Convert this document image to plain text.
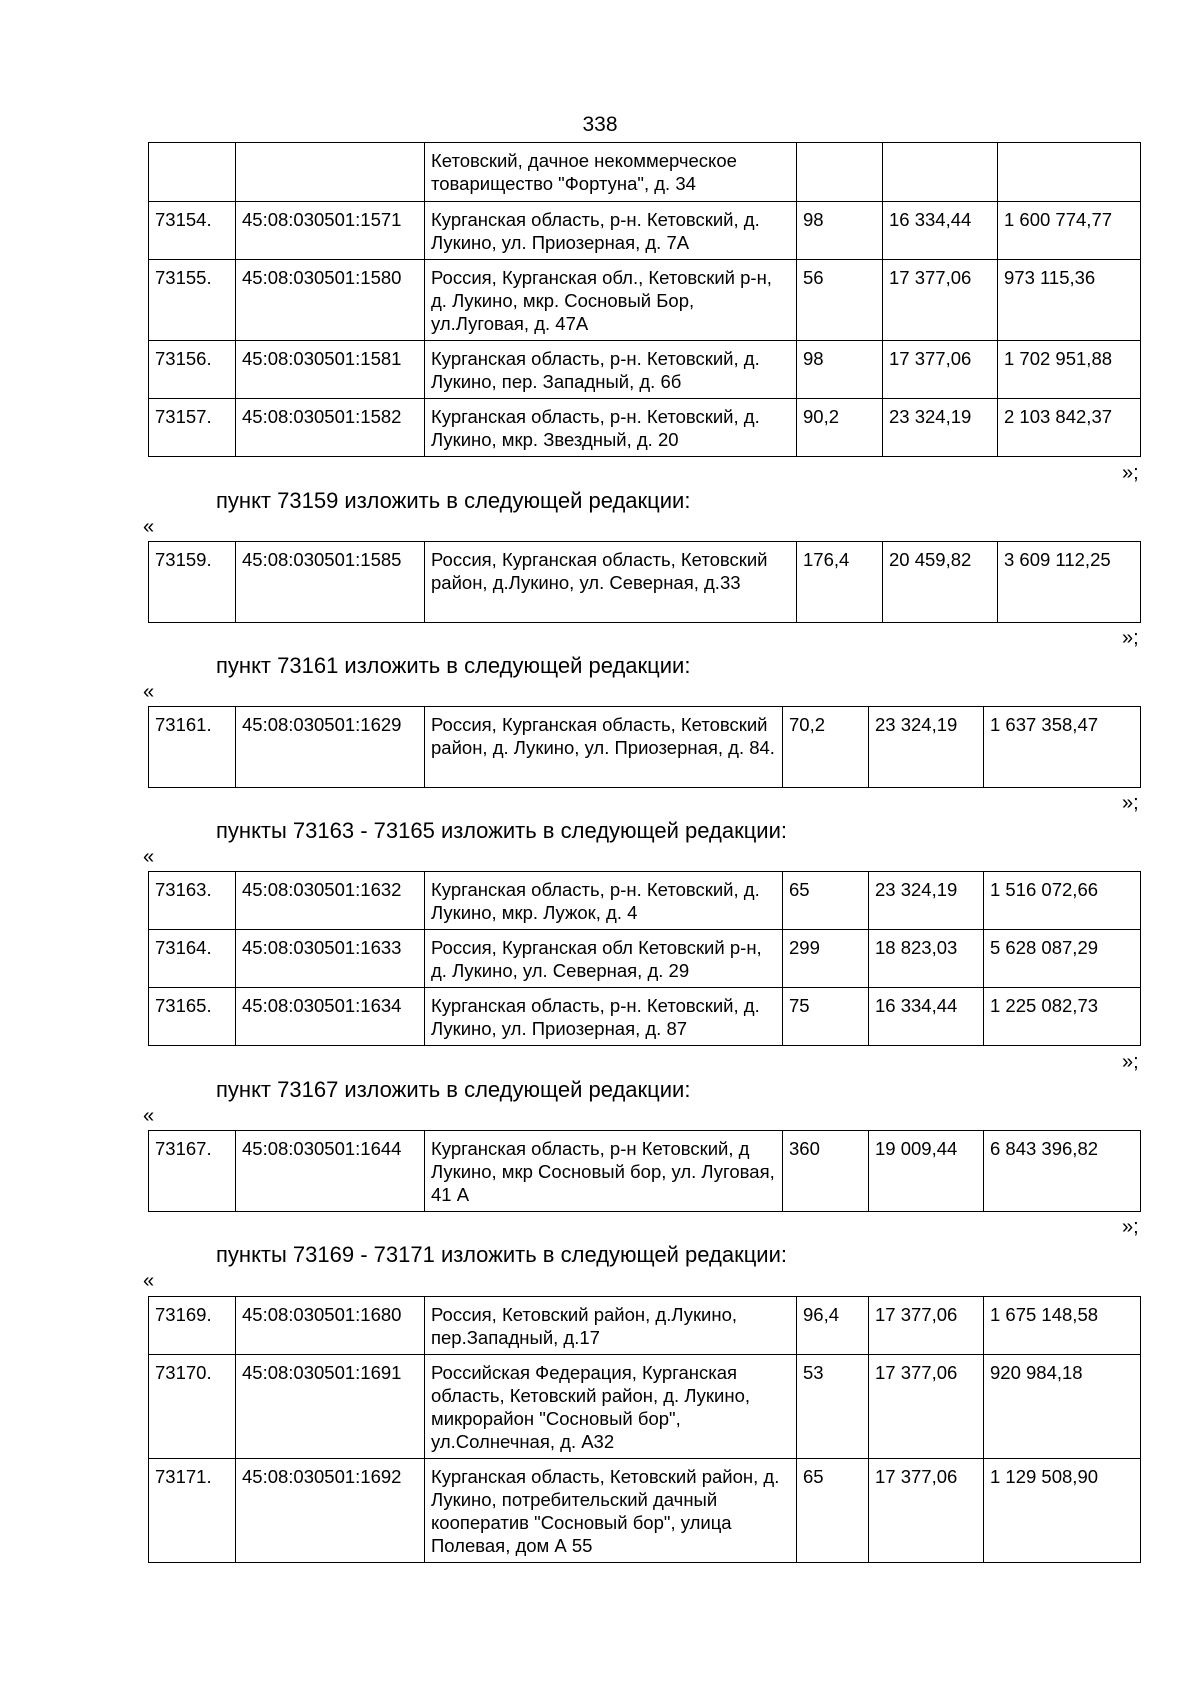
338
		Кетовский, дачное некоммерческое товарищество "Фортуна", д. 34			
73154.	45:08:030501:1571	Курганская область, р-н. Кетовский, д. Лукино, ул. Приозерная, д. 7А	98	16 334,44	1 600 774,77
73155.	45:08:030501:1580	Россия, Курганская обл., Кетовский р-н, д. Лукино, мкр. Сосновый Бор, ул.Луговая, д. 47А	56	17 377,06	973 115,36
73156.	45:08:030501:1581	Курганская область, р-н. Кетовский, д. Лукино, пер. Западный, д. 6б	98	17 377,06	1 702 951,88
73157.	45:08:030501:1582	Курганская область, р-н. Кетовский, д. Лукино, мкр. Звездный, д. 20	90,2	23 324,19	2 103 842,37
»;
пункт 73159 изложить в следующей редакции:
«
73159.	45:08:030501:1585	Россия, Курганская область, Кетовский район, д.Лукино, ул. Северная, д.33	176,4	20 459,82	3 609 112,25
»;
пункт 73161 изложить в следующей редакции:
«
73161.	45:08:030501:1629	Россия, Курганская область, Кетовский район, д. Лукино, ул. Приозерная, д. 84.	70,2	23 324,19	1 637 358,47
»;
пункты 73163 - 73165 изложить в следующей редакции:
«
73163.	45:08:030501:1632	Курганская область, р-н. Кетовский, д. Лукино, мкр. Лужок, д. 4	65	23 324,19	1 516 072,66
73164.	45:08:030501:1633	Россия, Курганская обл Кетовский р-н, д. Лукино, ул. Северная, д. 29	299	18 823,03	5 628 087,29
73165.	45:08:030501:1634	Курганская область, р-н. Кетовский, д. Лукино, ул. Приозерная, д. 87	75	16 334,44	1 225 082,73
»;
пункт 73167 изложить в следующей редакции:
«
73167.	45:08:030501:1644	Курганская область, р-н Кетовский, д Лукино, мкр Сосновый бор, ул. Луговая, 41 А	360	19 009,44	6 843 396,82
»;
пункты 73169 - 73171 изложить в следующей редакции:
«
73169.	45:08:030501:1680	Россия, Кетовский район, д.Лукино, пер.Западный, д.17	96,4	17 377,06	1 675 148,58
73170.	45:08:030501:1691	Российская Федерация, Курганская область, Кетовский район, д. Лукино, микрорайон "Сосновый бор", ул.Солнечная, д. А32	53	17 377,06	920 984,18
73171.	45:08:030501:1692	Курганская область, Кетовский район, д. Лукино, потребительский дачный кооператив "Сосновый бор", улица Полевая, дом А 55	65	17 377,06	1 129 508,90
